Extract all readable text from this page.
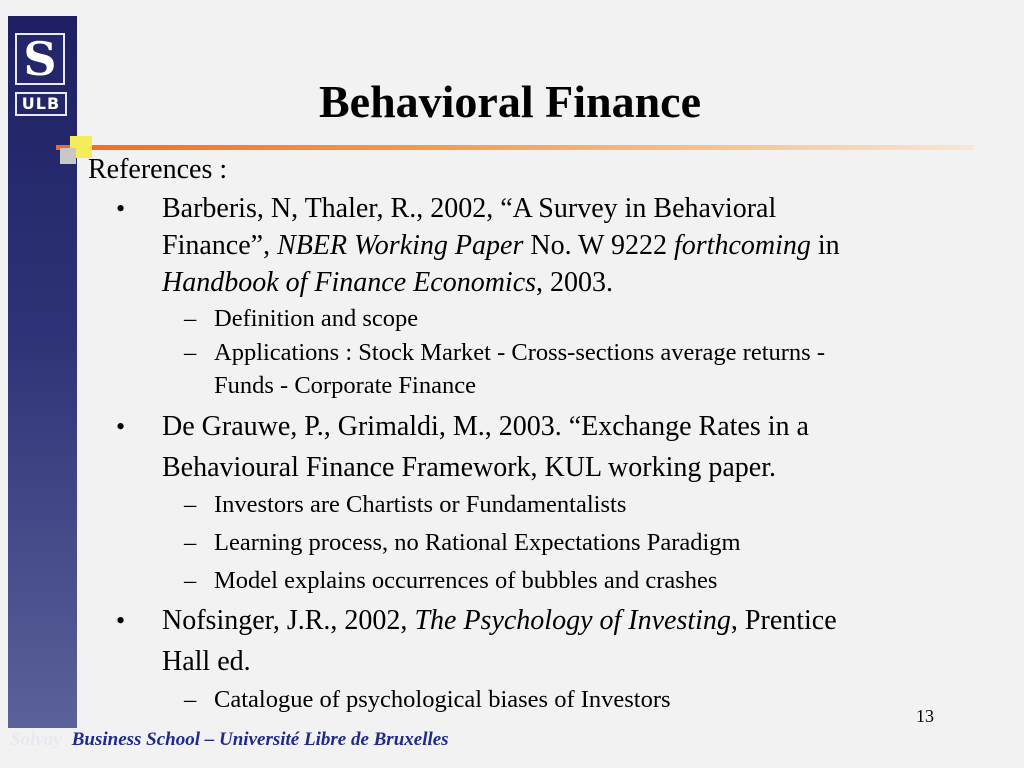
S
ULB	Behavioral Finance
References :
• Barberis, N, Thaler, R., 2002, “A Survey in Behavioral
Finance”, NBER Working Paper No. W 9222 forthcoming in
Handbook of Finance Economics, 2003.
– Definition and scope
– Applications : Stock Market - Cross-sections average returns -
Funds - Corporate Finance
• De Grauwe, P., Grimaldi, M., 2003. “Exchange Rates in a
Behavioural Finance Framework, KUL working paper.
– Investors are Chartists or Fundamentalists
– Learning process, no Rational Expectations Paradigm
– Model explains occurrences of bubbles and crashes
• Nofsinger, J.R., 2002, The Psychology of Investing, Prentice
Hall ed.
– Catalogue of psychological biases of Investors
13
Solvay Business School – Université Libre de Bruxelles
